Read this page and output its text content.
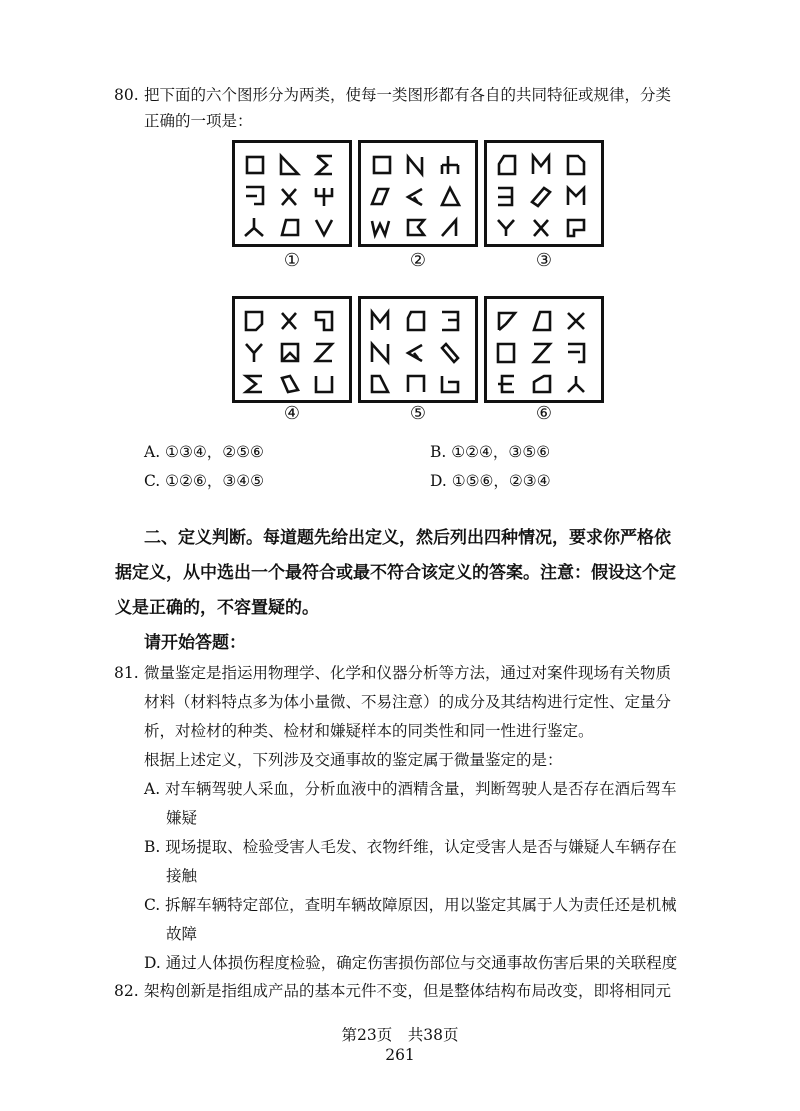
80. 把下面的六个图形分为两类，使每一类图形都有各自的共同特征或规律，分类
正确的一项是：
①	②	③
④	⑤	⑥
A. ①③④，②⑤⑥	B. ①②④，③⑤⑥
C. ①②⑥，③④⑤	D. ①⑤⑥，②③④
二、定义判断。每道题先给出定义，然后列出四种情况，要求你严格依
据定义，从中选出一个最符合或最不符合该定义的答案。注意：假设这个定
义是正确的，不容置疑的。
请开始答题：
81. 微量鉴定是指运用物理学、化学和仪器分析等方法，通过对案件现场有关物质
材料（材料特点多为体小量微、不易注意）的成分及其结构进行定性、定量分
析，对检材的种类、检材和嫌疑样本的同类性和同一性进行鉴定。
根据上述定义，下列涉及交通事故的鉴定属于微量鉴定的是：
A. 对车辆驾驶人采血，分析血液中的酒精含量，判断驾驶人是否存在酒后驾车
嫌疑
B. 现场提取、检验受害人毛发、衣物纤维，认定受害人是否与嫌疑人车辆存在
接触
C. 拆解车辆特定部位，查明车辆故障原因，用以鉴定其属于人为责任还是机械
故障
D. 通过人体损伤程度检验，确定伤害损伤部位与交通事故伤害后果的关联程度
82. 架构创新是指组成产品的基本元件不变，但是整体结构布局改变，即将相同元
第23页　共38页
261
